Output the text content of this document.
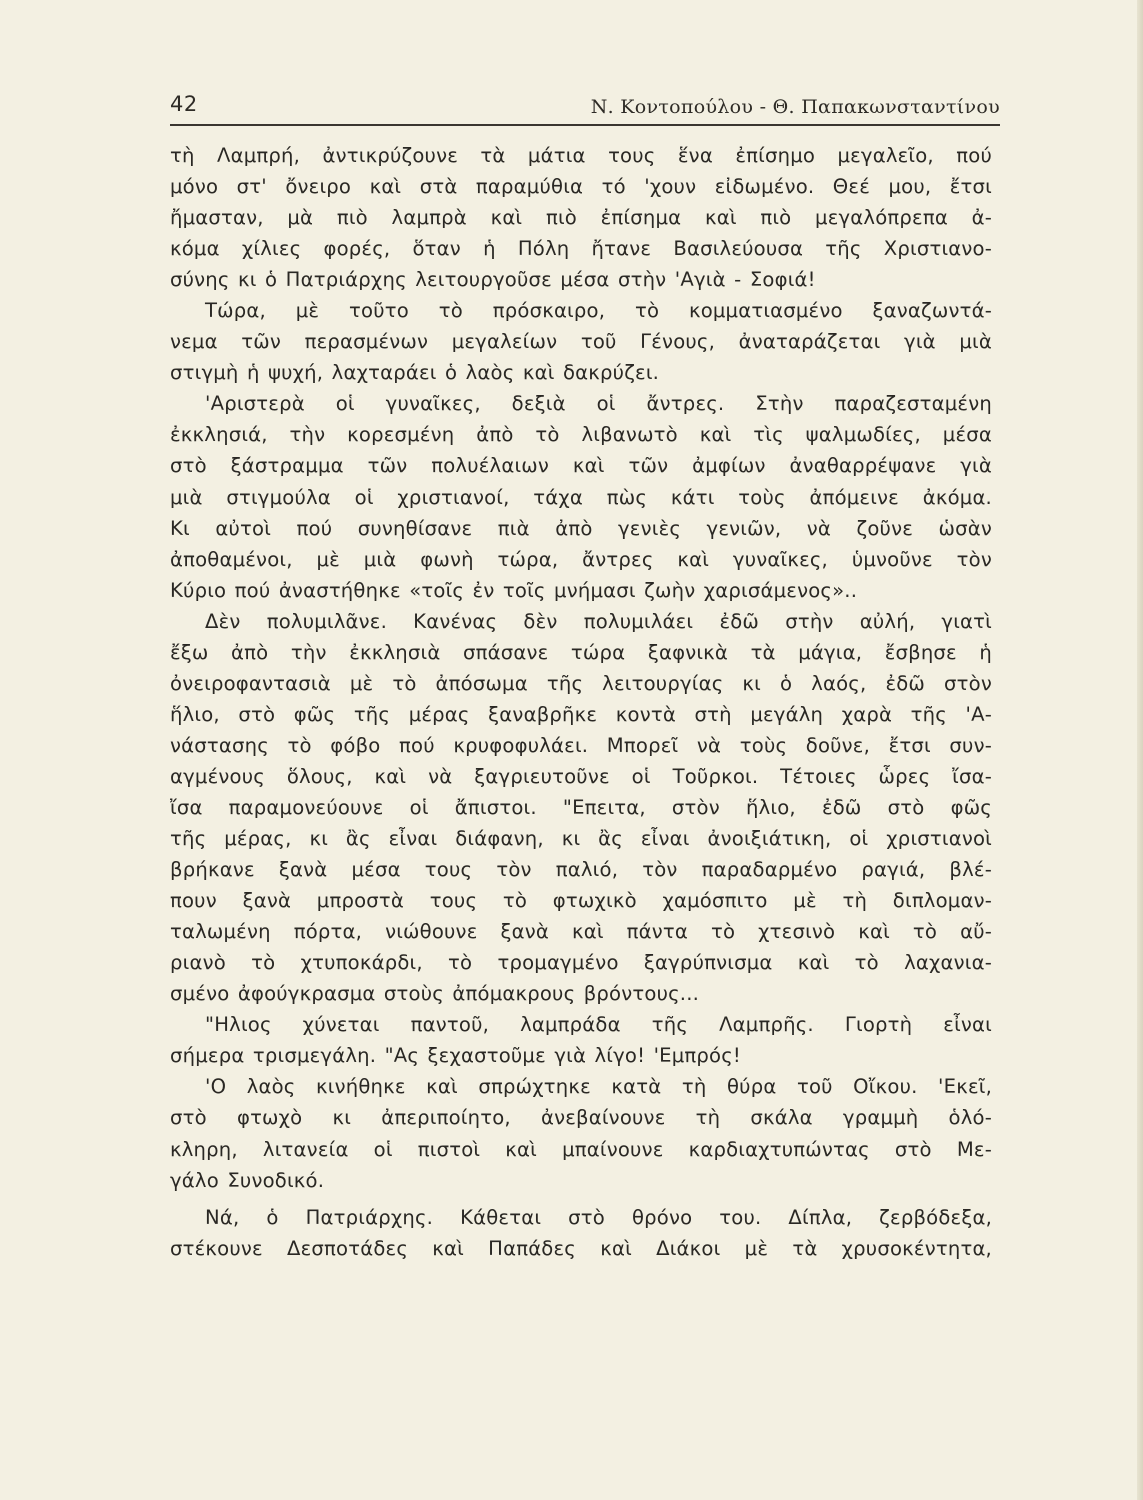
42	Ν. Κοντοπούλου - Θ. Παπακωνσταντίνου
τὴ Λαμπρή, ἀντικρύζουνε τὰ μάτια τους ἕνα ἐπίσημο μεγαλεῖο, πού
μόνο στ' ὄνειρο καὶ στὰ παραμύθια τό 'χουν εἰδωμένο. Θεέ μου, ἔτσι
ἤμασταν, μὰ πιὸ λαμπρὰ καὶ πιὸ ἐπίσημα καὶ πιὸ μεγαλόπρεπα ἀ-
κόμα χίλιες φορές, ὅταν ἡ Πόλη ἤτανε Βασιλεύουσα τῆς Χριστιανο-
σύνης κι ὁ Πατριάρχης λειτουργοῦσε μέσα στὴν 'Αγιὰ - Σοφιά!
Τώρα, μὲ τοῦτο τὸ πρόσκαιρο, τὸ κομματιασμένο ξαναζωντά-
νεμα τῶν περασμένων μεγαλείων τοῦ Γένους, ἀναταράζεται γιὰ μιὰ
στιγμὴ ἡ ψυχή, λαχταράει ὁ λαὸς καὶ δακρύζει.
'Αριστερὰ οἱ γυναῖκες, δεξιὰ οἱ ἄντρες. Στὴν παραζεσταμένη
ἐκκλησιά, τὴν κορεσμένη ἀπὸ τὸ λιβανωτὸ καὶ τὶς ψαλμωδίες, μέσα
στὸ ξάστραμμα τῶν πολυέλαιων καὶ τῶν ἀμφίων ἀναθαρρέψανε γιὰ
μιὰ στιγμούλα οἱ χριστιανοί, τάχα πὼς κάτι τοὺς ἀπόμεινε ἀκόμα.
Κι αὐτοὶ πού συνηθίσανε πιὰ ἀπὸ γενιὲς γενιῶν, νὰ ζοῦνε ὡσὰν
ἀποθαμένοι, μὲ μιὰ φωνὴ τώρα, ἄντρες καὶ γυναῖκες, ὑμνοῦνε τὸν
Κύριο πού ἀναστήθηκε «τοῖς ἐν τοῖς μνήμασι ζωὴν χαρισάμενος»..
Δὲν πολυμιλᾶνε. Κανένας δὲν πολυμιλάει ἐδῶ στὴν αὐλή, γιατὶ
ἔξω ἀπὸ τὴν ἐκκλησιὰ σπάσανε τώρα ξαφνικὰ τὰ μάγια, ἔσβησε ἡ
ὀνειροφαντασιὰ μὲ τὸ ἀπόσωμα τῆς λειτουργίας κι ὁ λαός, ἐδῶ στὸν
ἥλιο, στὸ φῶς τῆς μέρας ξαναβρῆκε κοντὰ στὴ μεγάλη χαρὰ τῆς 'Α-
νάστασης τὸ φόβο πού κρυφοφυλάει. Μπορεῖ νὰ τοὺς δοῦνε, ἔτσι συν-
αγμένους ὅλους, καὶ νὰ ξαγριευτοῦνε οἱ Τοῦρκοι. Τέτοιες ὧρες ἴσα-
ἴσα παραμονεύουνε οἱ ἄπιστοι. "Επειτα, στὸν ἥλιο, ἐδῶ στὸ φῶς
τῆς μέρας, κι ἂς εἶναι διάφανη, κι ἂς εἶναι ἀνοιξιάτικη, οἱ χριστιανοὶ
βρήκανε ξανὰ μέσα τους τὸν παλιό, τὸν παραδαρμένο ραγιά, βλέ-
πουν ξανὰ μπροστὰ τους τὸ φτωχικὸ χαμόσπιτο μὲ τὴ διπλομαν-
ταλωμένη πόρτα, νιώθουνε ξανὰ καὶ πάντα τὸ χτεσινὸ καὶ τὸ αὔ-
ριανὸ τὸ χτυποκάρδι, τὸ τρομαγμένο ξαγρύπνισμα καὶ τὸ λαχανια-
σμένο ἀφούγκρασμα στοὺς ἀπόμακρους βρόντους...
"Ηλιος χύνεται παντοῦ, λαμπράδα τῆς Λαμπρῆς. Γιορτὴ εἶναι
σήμερα τρισμεγάλη. "Ας ξεχαστοῦμε γιὰ λίγο! 'Εμπρός!
'Ο λαὸς κινήθηκε καὶ σπρώχτηκε κατὰ τὴ θύρα τοῦ Οἴκου. 'Εκεῖ,
στὸ φτωχὸ κι ἀπεριποίητο, ἀνεβαίνουνε τὴ σκάλα γραμμὴ ὁλό-
κληρη, λιτανεία οἱ πιστοὶ καὶ μπαίνουνε καρδιαχτυπώντας στὸ Με-
γάλο Συνοδικό.
Νά, ὁ Πατριάρχης. Κάθεται στὸ θρόνο του. Δίπλα, ζερβόδεξα,
στέκουνε Δεσποτάδες καὶ Παπάδες καὶ Διάκοι μὲ τὰ χρυσοκέντητα,
